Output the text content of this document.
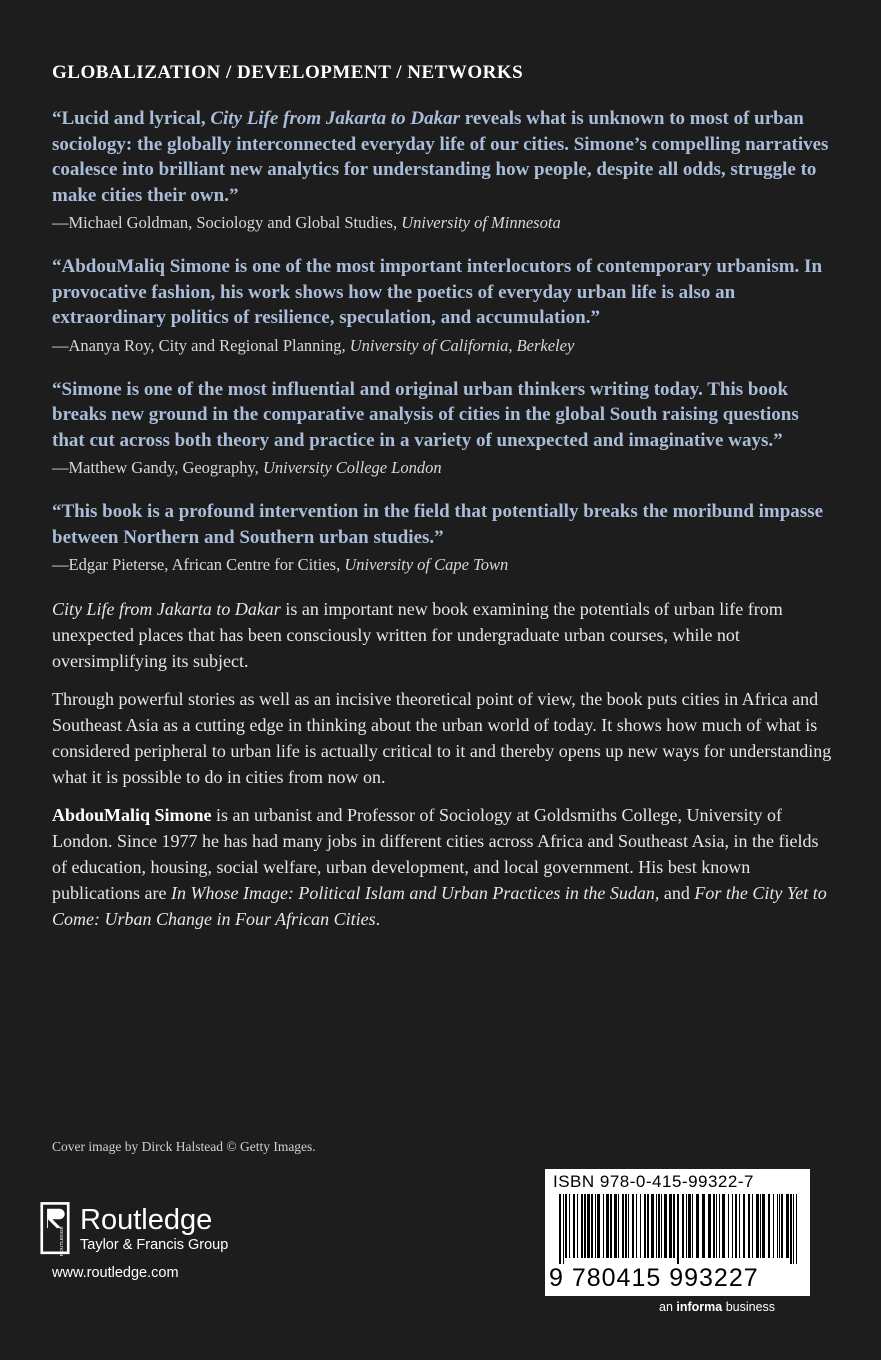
GLOBALIZATION / DEVELOPMENT / NETWORKS

“Lucid and lyrical, City Life from Jakarta to Dakar reveals what is unknown to most of urban sociology: the globally interconnected everyday life of our cities. Simone’s compelling narratives coalesce into brilliant new analytics for understanding how people, despite all odds, struggle to make cities their own.”

—Michael Goldman, Sociology and Global Studies, University of Minnesota

“AbdouMaliq Simone is one of the most important interlocutors of contemporary urbanism. In provocative fashion, his work shows how the poetics of everyday urban life is also an extraordinary politics of resilience, speculation, and accumulation.”

—Ananya Roy, City and Regional Planning, University of California, Berkeley

“Simone is one of the most influential and original urban thinkers writing today. This book breaks new ground in the comparative analysis of cities in the global South raising questions that cut across both theory and practice in a variety of unexpected and imaginative ways.”

—Matthew Gandy, Geography, University College London

“This book is a profound intervention in the field that potentially breaks the moribund impasse between Northern and Southern urban studies.”

—Edgar Pieterse, African Centre for Cities, University of Cape Town

City Life from Jakarta to Dakar is an important new book examining the potentials of urban life from unexpected places that has been consciously written for undergraduate urban courses, while not oversimplifying its subject.

Through powerful stories as well as an incisive theoretical point of view, the book puts cities in Africa and Southeast Asia as a cutting edge in thinking about the urban world of today. It shows how much of what is considered peripheral to urban life is actually critical to it and thereby opens up new ways for understanding what it is possible to do in cities from now on.

AbdouMaliq Simone is an urbanist and Professor of Sociology at Goldsmiths College, University of London. Since 1977 he has had many jobs in different cities across Africa and Southeast Asia, in the fields of education, housing, social welfare, urban development, and local government. His best known publications are In Whose Image: Political Islam and Urban Practices in the Sudan, and For the City Yet to Come: Urban Change in Four African Cities.

Cover image by Dirck Halstead © Getty Images.
ROUTLEDGE
Routledge
Taylor & Francis Group
www.routledge.com
ISBN 978-0-415-99322-7
9 780415 993227
an informa business
